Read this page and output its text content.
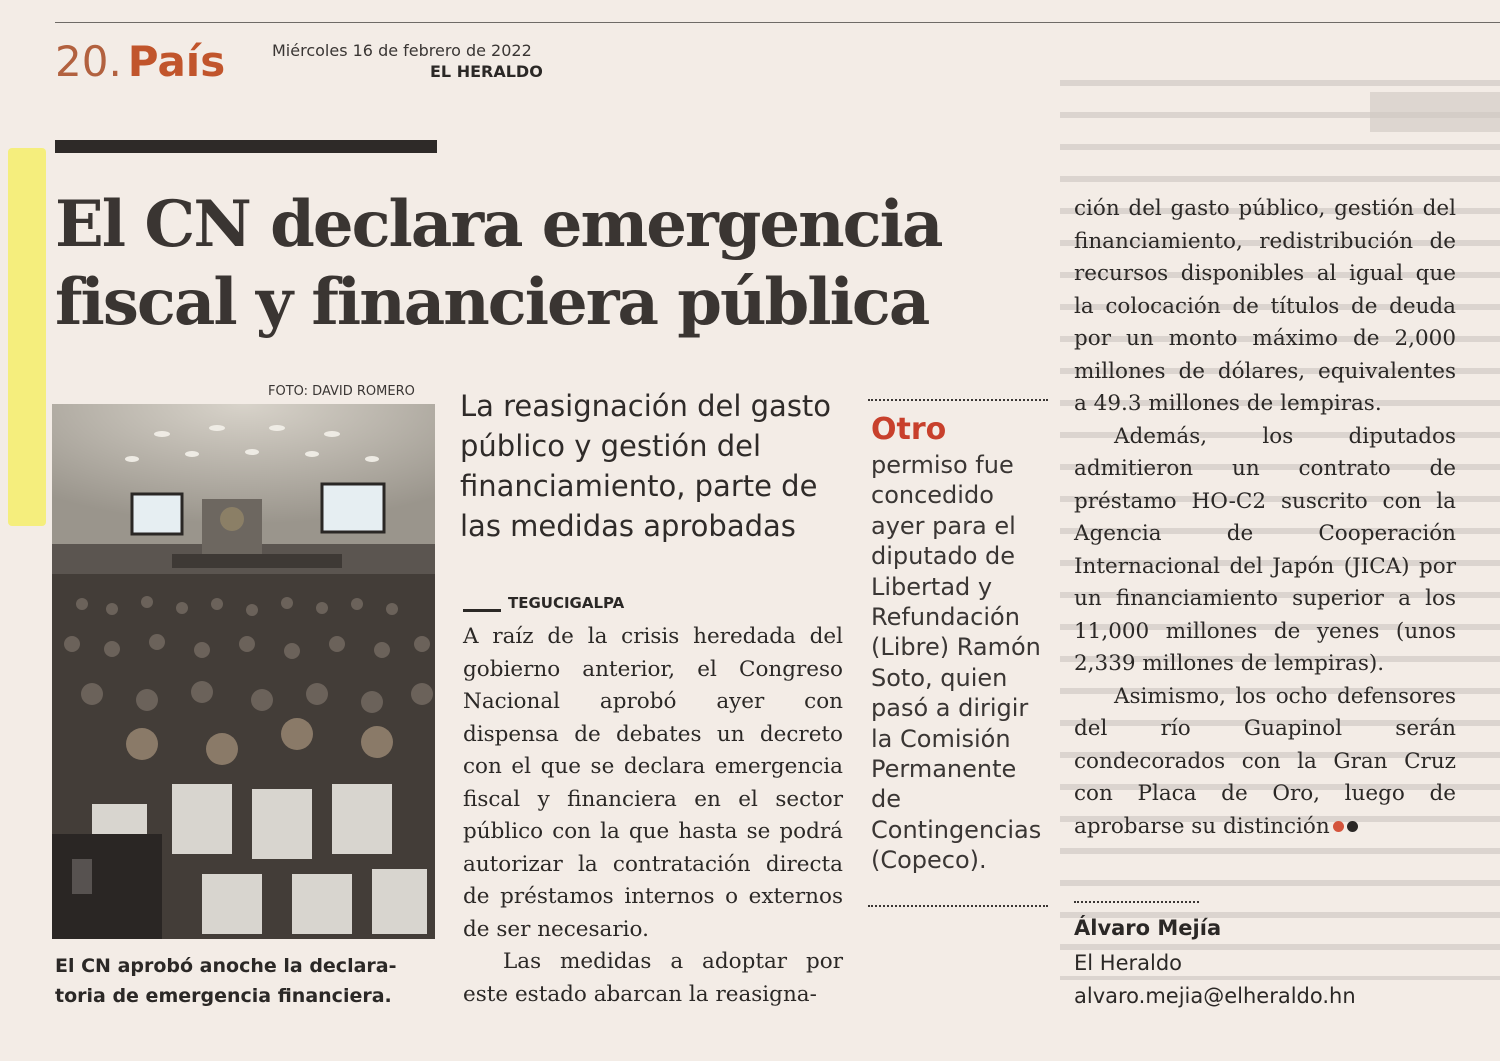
20. País	Miércoles 16 de febrero de 2022
EL HERALDO
El CN declara emergencia
fiscal y financiera pública
FOTO: DAVID ROMERO

El CN aprobó anoche la declara-
toria de emergencia financiera.

La reasignación del gasto público y gestión del financiamiento, parte de las medidas aprobadas

TEGUCIGALPA

A raíz de la crisis heredada del gobierno anterior, el Congreso Nacional aprobó ayer con dispensa de debates un decreto con el que se declara emergencia fiscal y financiera en el sector público con la que hasta se podrá autorizar la contratación directa de préstamos internos o externos de ser necesario.

Las medidas a adoptar por este estado abarcan la reasigna-

Otro

permiso fue concedido ayer para el diputado de Libertad y Refundación (Libre) Ramón Soto, quien pasó a dirigir la Comisión Permanente de Contingencias (Copeco).

ción del gasto público, gestión del financiamiento, redistribución de recursos disponibles al igual que la colocación de títulos de deuda por un monto máximo de 2,000 millones de dólares, equivalentes a 49.3 millones de lempiras.

Además, los diputados admitieron un contrato de préstamo HO-C2 suscrito con la Agencia de Cooperación Internacional del Japón (JICA) por un financiamiento superior a los 11,000 millones de yenes (unos 2,339 millones de lempiras).

Asimismo, los ocho defensores del río Guapinol serán condecorados con la Gran Cruz con Placa de Oro, luego de aprobarse su distinción

Álvaro Mejía
El Heraldo
alvaro.mejia@elheraldo.hn
